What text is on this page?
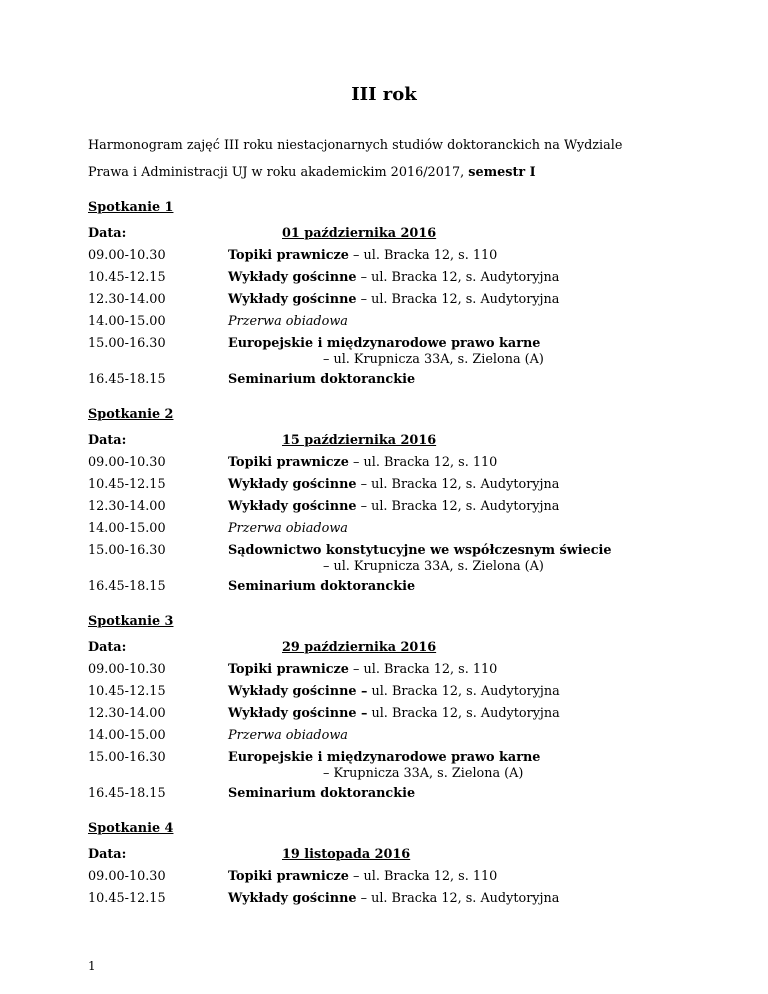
III rok
Harmonogram zajęć III roku niestacjonarnych studiów doktoranckich na Wydziale
Prawa i Administracji UJ w roku akademickim 2016/2017, semestr I
Spotkanie 1
Data:	01 października 2016
09.00-10.30	Topiki prawnicze – ul. Bracka 12, s. 110
10.45-12.15	Wykłady gościnne – ul. Bracka 12, s. Audytoryjna
12.30-14.00	Wykłady gościnne – ul. Bracka 12, s. Audytoryjna
14.00-15.00	Przerwa obiadowa
15.00-16.30	Europejskie i międzynarodowe prawo karne
– ul. Krupnicza 33A, s. Zielona (A)
16.45-18.15	Seminarium doktoranckie
Spotkanie 2
Data:	15 października 2016
09.00-10.30	Topiki prawnicze – ul. Bracka 12, s. 110
10.45-12.15	Wykłady gościnne – ul. Bracka 12, s. Audytoryjna
12.30-14.00	Wykłady gościnne – ul. Bracka 12, s. Audytoryjna
14.00-15.00	Przerwa obiadowa
15.00-16.30	Sądownictwo konstytucyjne we współczesnym świecie
– ul. Krupnicza 33A, s. Zielona (A)
16.45-18.15	Seminarium doktoranckie
Spotkanie 3
Data:	29 października 2016
09.00-10.30	Topiki prawnicze – ul. Bracka 12, s. 110
10.45-12.15	Wykłady gościnne – ul. Bracka 12, s. Audytoryjna
12.30-14.00	Wykłady gościnne – ul. Bracka 12, s. Audytoryjna
14.00-15.00	Przerwa obiadowa
15.00-16.30	Europejskie i międzynarodowe prawo karne
– Krupnicza 33A, s. Zielona (A)
16.45-18.15	Seminarium doktoranckie
Spotkanie 4
Data:	19 listopada 2016
09.00-10.30	Topiki prawnicze – ul. Bracka 12, s. 110
10.45-12.15	Wykłady gościnne – ul. Bracka 12, s. Audytoryjna
1
